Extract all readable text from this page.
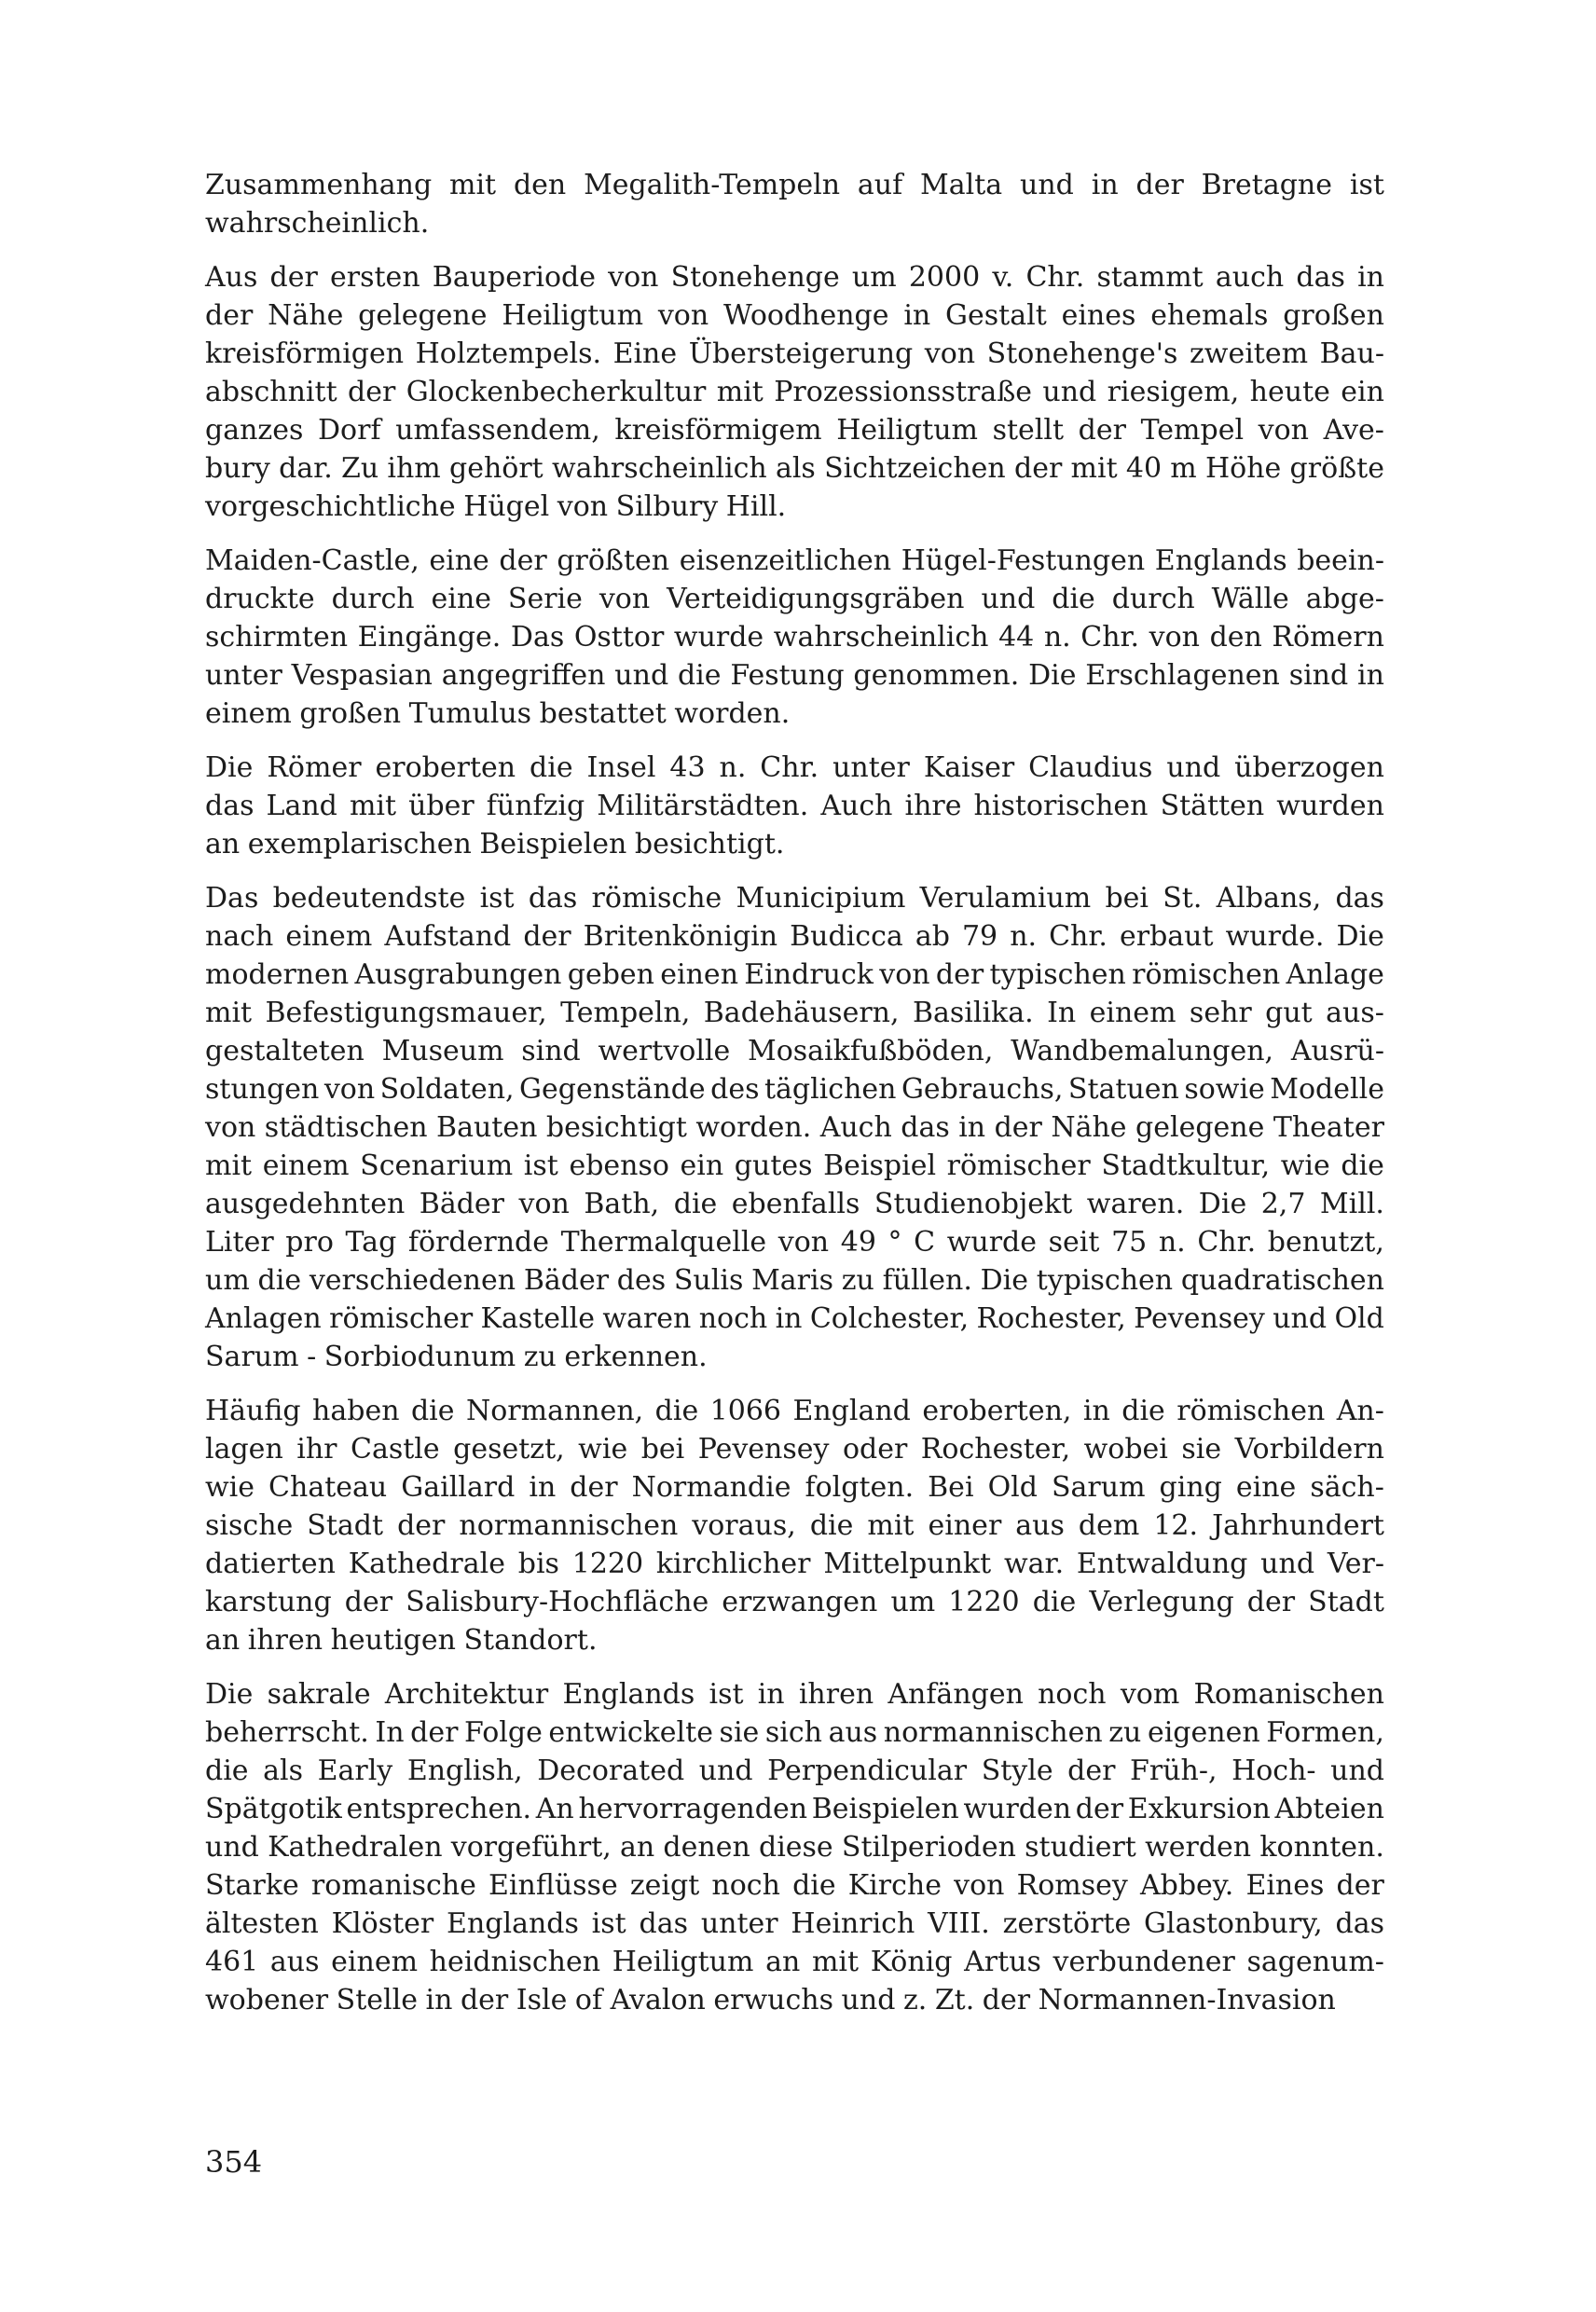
Zusammenhang mit den Megalith-Tempeln auf Malta und in der Bretagne ist
wahrscheinlich.
Aus der ersten Bauperiode von Stonehenge um 2000 v. Chr. stammt auch das in
der Nähe gelegene Heiligtum von Woodhenge in Gestalt eines ehemals großen
kreisförmigen Holztempels. Eine Übersteigerung von Stonehenge's zweitem Bau-
abschnitt der Glockenbecherkultur mit Prozessionsstraße und riesigem, heute ein
ganzes Dorf umfassendem, kreisförmigem Heiligtum stellt der Tempel von Ave-
bury dar. Zu ihm gehört wahrscheinlich als Sichtzeichen der mit 40 m Höhe größte
vorgeschichtliche Hügel von Silbury Hill.
Maiden-Castle, eine der größten eisenzeitlichen Hügel-Festungen Englands beein-
druckte durch eine Serie von Verteidigungsgräben und die durch Wälle abge-
schirmten Eingänge. Das Osttor wurde wahrscheinlich 44 n. Chr. von den Römern
unter Vespasian angegriffen und die Festung genommen. Die Erschlagenen sind in
einem großen Tumulus bestattet worden.
Die Römer eroberten die Insel 43 n. Chr. unter Kaiser Claudius und überzogen
das Land mit über fünfzig Militärstädten. Auch ihre historischen Stätten wurden
an exemplarischen Beispielen besichtigt.
Das bedeutendste ist das römische Municipium Verulamium bei St. Albans, das
nach einem Aufstand der Britenkönigin Budicca ab 79 n. Chr. erbaut wurde. Die
modernen Ausgrabungen geben einen Eindruck von der typischen römischen Anlage
mit Befestigungsmauer, Tempeln, Badehäusern, Basilika. In einem sehr gut aus-
gestalteten Museum sind wertvolle Mosaikfußböden, Wandbemalungen, Ausrü-
stungen von Soldaten, Gegenstände des täglichen Gebrauchs, Statuen sowie Modelle
von städtischen Bauten besichtigt worden. Auch das in der Nähe gelegene Theater
mit einem Scenarium ist ebenso ein gutes Beispiel römischer Stadtkultur, wie die
ausgedehnten Bäder von Bath, die ebenfalls Studienobjekt waren. Die 2,7 Mill.
Liter pro Tag fördernde Thermalquelle von 49 ° C wurde seit 75 n. Chr. benutzt,
um die verschiedenen Bäder des Sulis Maris zu füllen. Die typischen quadratischen
Anlagen römischer Kastelle waren noch in Colchester, Rochester, Pevensey und Old
Sarum - Sorbiodunum zu erkennen.
Häufig haben die Normannen, die 1066 England eroberten, in die römischen An-
lagen ihr Castle gesetzt, wie bei Pevensey oder Rochester, wobei sie Vorbildern
wie Chateau Gaillard in der Normandie folgten. Bei Old Sarum ging eine säch-
sische Stadt der normannischen voraus, die mit einer aus dem 12. Jahrhundert
datierten Kathedrale bis 1220 kirchlicher Mittelpunkt war. Entwaldung und Ver-
karstung der Salisbury-Hochfläche erzwangen um 1220 die Verlegung der Stadt
an ihren heutigen Standort.
Die sakrale Architektur Englands ist in ihren Anfängen noch vom Romanischen
beherrscht. In der Folge entwickelte sie sich aus normannischen zu eigenen Formen,
die als Early English, Decorated und Perpendicular Style der Früh-, Hoch- und
Spätgotik entsprechen. An hervorragenden Beispielen wurden der Exkursion Abteien
und Kathedralen vorgeführt, an denen diese Stilperioden studiert werden konnten.
Starke romanische Einflüsse zeigt noch die Kirche von Romsey Abbey. Eines der
ältesten Klöster Englands ist das unter Heinrich VIII. zerstörte Glastonbury, das
461 aus einem heidnischen Heiligtum an mit König Artus verbundener sagenum-
wobener Stelle in der Isle of Avalon erwuchs und z. Zt. der Normannen-Invasion
354
